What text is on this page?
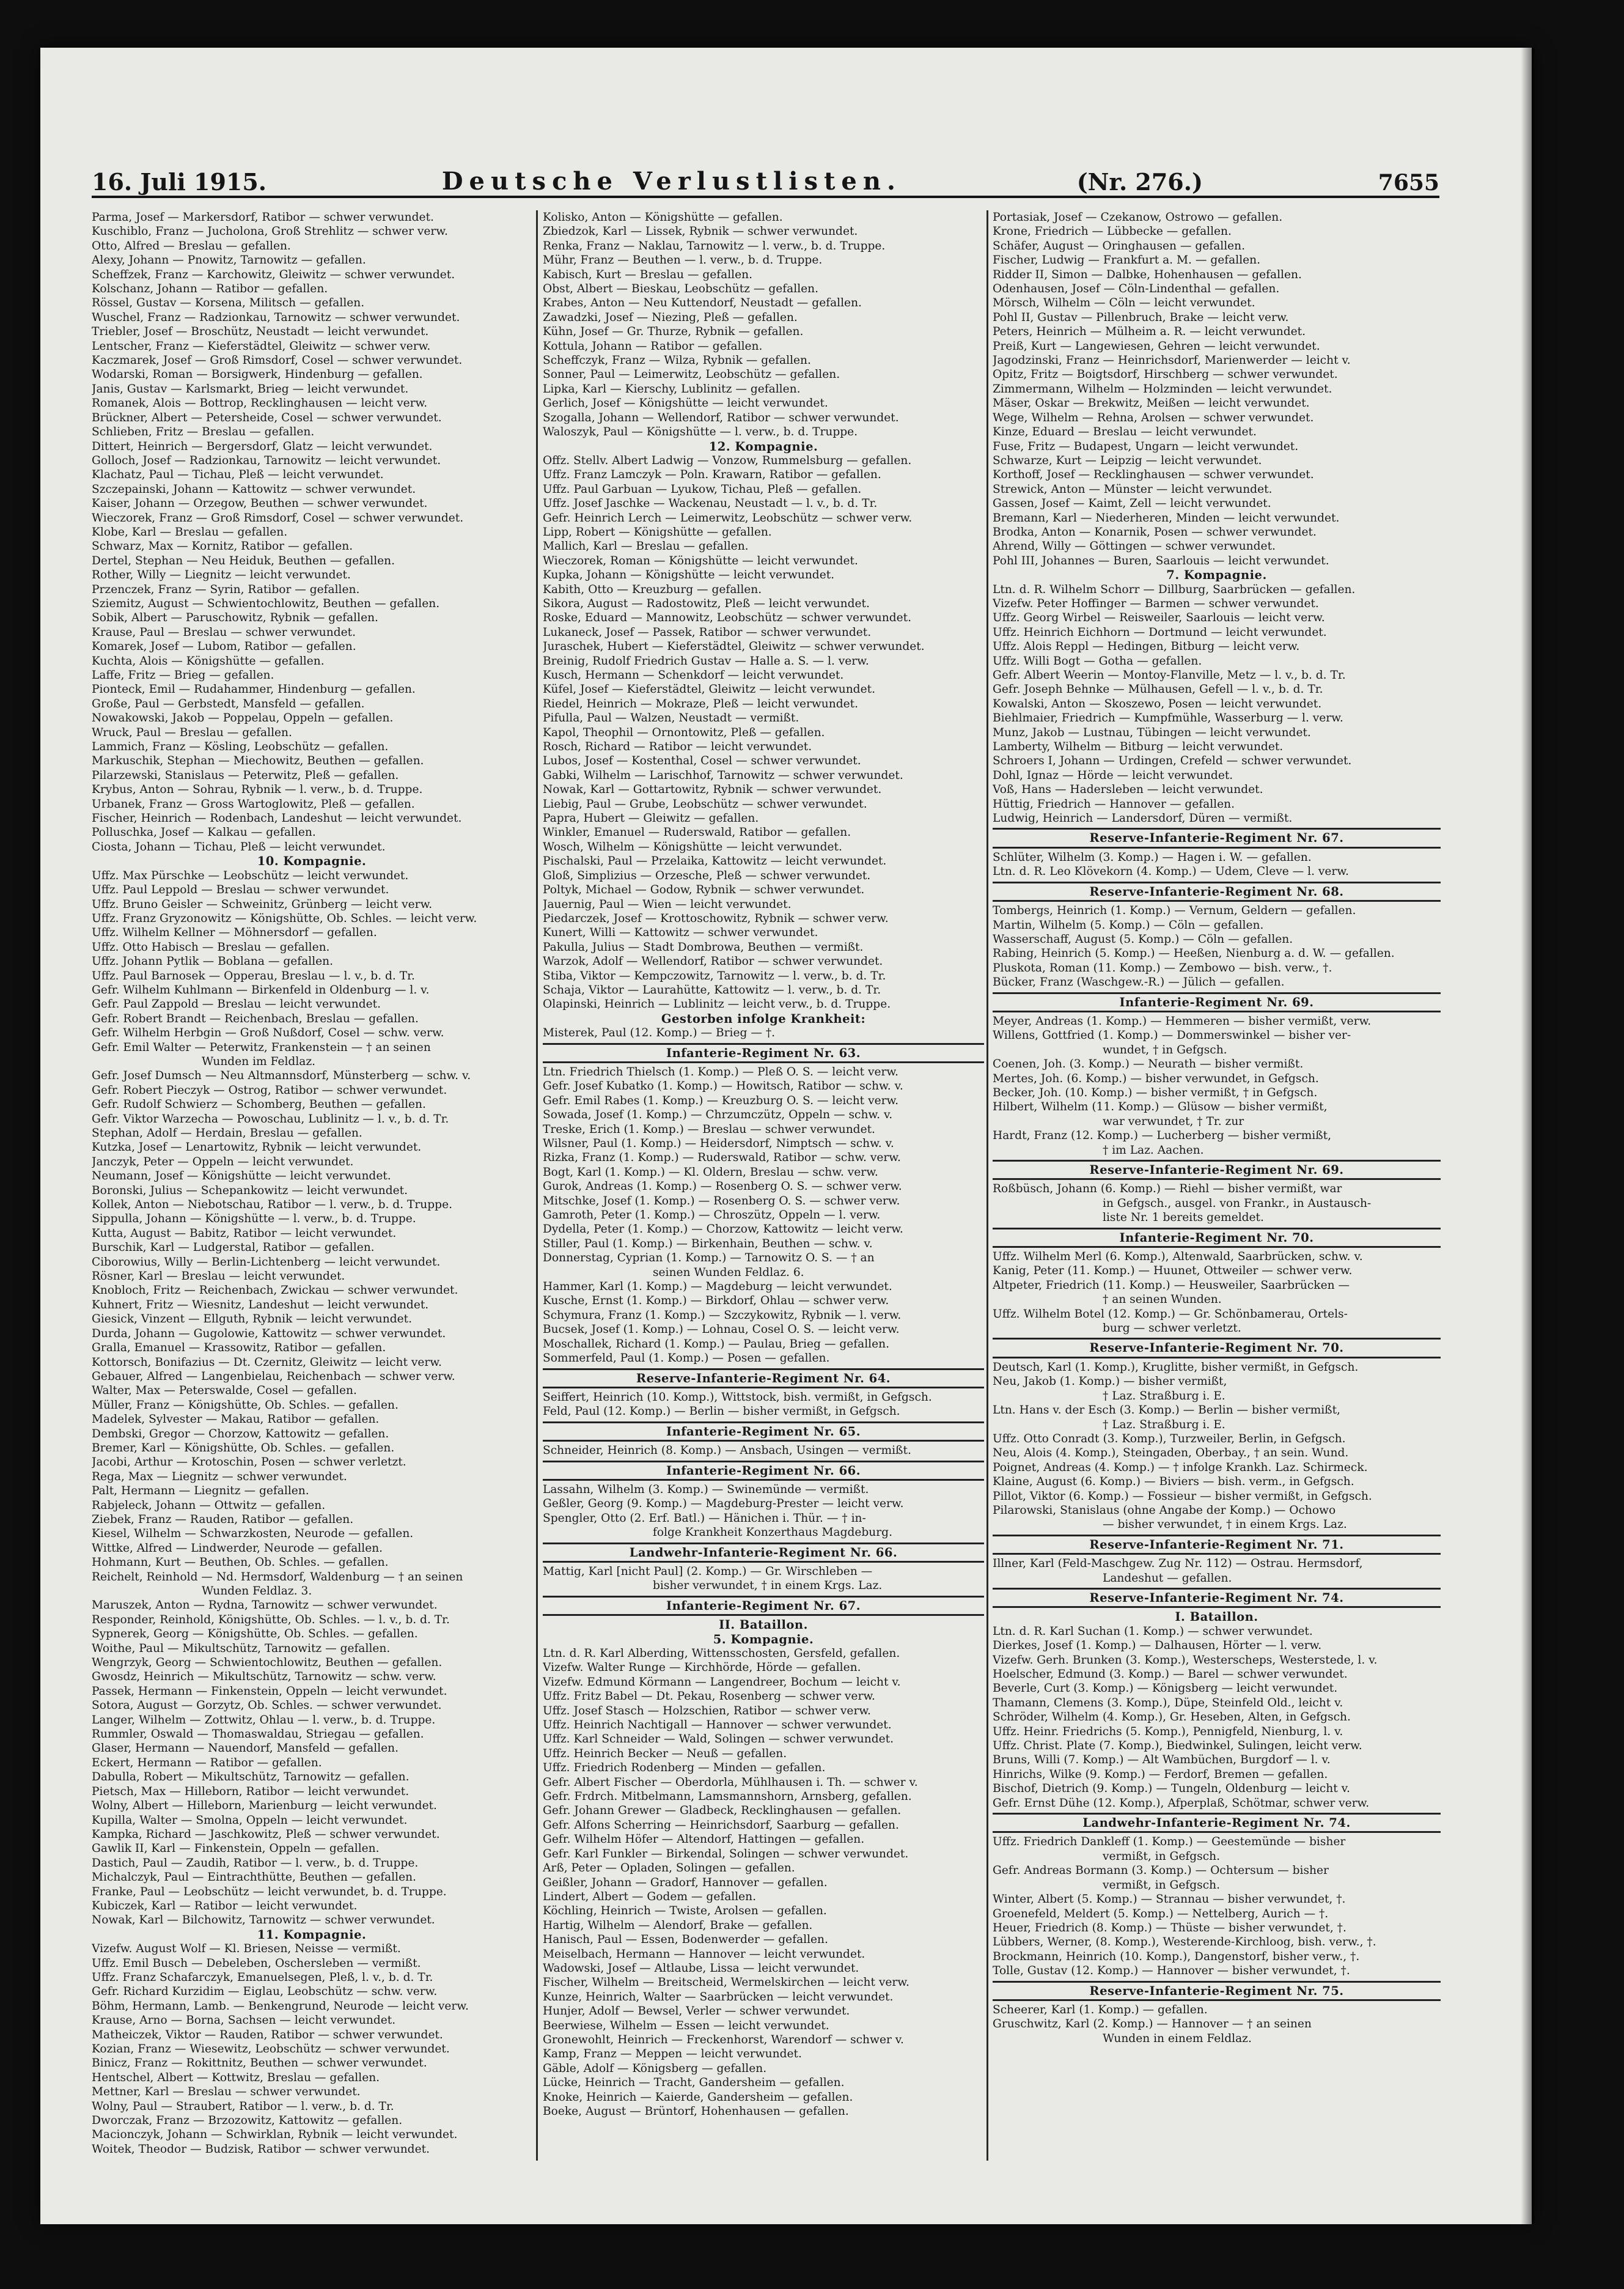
16. Juli 1915.	Deutsche Verlustlisten.	(Nr. 276.)	7655
Parma, Josef — Markersdorf, Ratibor — schwer verwundet.
Kuschiblo, Franz — Jucholona, Groß Strehlitz — schwer verw.
Otto, Alfred — Breslau — gefallen.
Alexy, Johann — Pnowitz, Tarnowitz — gefallen.
Scheffzek, Franz — Karchowitz, Gleiwitz — schwer verwundet.
Kolschanz, Johann — Ratibor — gefallen.
Rössel, Gustav — Korsena, Militsch — gefallen.
Wuschel, Franz — Radzionkau, Tarnowitz — schwer verwundet.
Triebler, Josef — Broschütz, Neustadt — leicht verwundet.
Lentscher, Franz — Kieferstädtel, Gleiwitz — schwer verw.
Kaczmarek, Josef — Groß Rimsdorf, Cosel — schwer verwundet.
Wodarski, Roman — Borsigwerk, Hindenburg — gefallen.
Janis, Gustav — Karlsmarkt, Brieg — leicht verwundet.
Romanek, Alois — Bottrop, Recklinghausen — leicht verw.
Brückner, Albert — Petersheide, Cosel — schwer verwundet.
Schlieben, Fritz — Breslau — gefallen.
Dittert, Heinrich — Bergersdorf, Glatz — leicht verwundet.
Golloch, Josef — Radzionkau, Tarnowitz — leicht verwundet.
Klachatz, Paul — Tichau, Pleß — leicht verwundet.
Szczepainski, Johann — Kattowitz — schwer verwundet.
Kaiser, Johann — Orzegow, Beuthen — schwer verwundet.
Wieczorek, Franz — Groß Rimsdorf, Cosel — schwer verwundet.
Klobe, Karl — Breslau — gefallen.
Schwarz, Max — Kornitz, Ratibor — gefallen.
Dertel, Stephan — Neu Heiduk, Beuthen — gefallen.
Rother, Willy — Liegnitz — leicht verwundet.
Przenczek, Franz — Syrin, Ratibor — gefallen.
Sziemitz, August — Schwientochlowitz, Beuthen — gefallen.
Sobik, Albert — Paruschowitz, Rybnik — gefallen.
Krause, Paul — Breslau — schwer verwundet.
Komarek, Josef — Lubom, Ratibor — gefallen.
Kuchta, Alois — Königshütte — gefallen.
Laffe, Fritz — Brieg — gefallen.
Pionteck, Emil — Rudahammer, Hindenburg — gefallen.
Große, Paul — Gerbstedt, Mansfeld — gefallen.
Nowakowski, Jakob — Poppelau, Oppeln — gefallen.
Wruck, Paul — Breslau — gefallen.
Lammich, Franz — Kösling, Leobschütz — gefallen.
Markuschik, Stephan — Miechowitz, Beuthen — gefallen.
Pilarzewski, Stanislaus — Peterwitz, Pleß — gefallen.
Krybus, Anton — Sohrau, Rybnik — l. verw., b. d. Truppe.
Urbanek, Franz — Gross Wartoglowitz, Pleß — gefallen.
Fischer, Heinrich — Rodenbach, Landeshut — leicht verwundet.
Polluschka, Josef — Kalkau — gefallen.
Ciosta, Johann — Tichau, Pleß — leicht verwundet.
10. Kompagnie.
Uffz. Max Pürschke — Leobschütz — leicht verwundet.
Uffz. Paul Leppold — Breslau — schwer verwundet.
Uffz. Bruno Geisler — Schweinitz, Grünberg — leicht verw.
Uffz. Franz Gryzonowitz — Königshütte, Ob. Schles. — leicht verw.
Uffz. Wilhelm Kellner — Möhnersdorf — gefallen.
Uffz. Otto Habisch — Breslau — gefallen.
Uffz. Johann Pytlik — Boblana — gefallen.
Uffz. Paul Barnosek — Opperau, Breslau — l. v., b. d. Tr.
Gefr. Wilhelm Kuhlmann — Birkenfeld in Oldenburg — l. v.
Gefr. Paul Zappold — Breslau — leicht verwundet.
Gefr. Robert Brandt — Reichenbach, Breslau — gefallen.
Gefr. Wilhelm Herbgin — Groß Nußdorf, Cosel — schw. verw.
Gefr. Emil Walter — Peterwitz, Frankenstein — † an seinen
Wunden im Feldlaz.
Gefr. Josef Dumsch — Neu Altmannsdorf, Münsterberg — schw. v.
Gefr. Robert Pieczyk — Ostrog, Ratibor — schwer verwundet.
Gefr. Rudolf Schwierz — Schomberg, Beuthen — gefallen.
Gefr. Viktor Warzecha — Powoschau, Lublinitz — l. v., b. d. Tr.
Stephan, Adolf — Herdain, Breslau — gefallen.
Kutzka, Josef — Lenartowitz, Rybnik — leicht verwundet.
Janczyk, Peter — Oppeln — leicht verwundet.
Neumann, Josef — Königshütte — leicht verwundet.
Boronski, Julius — Schepankowitz — leicht verwundet.
Kollek, Anton — Niebotschau, Ratibor — l. verw., b. d. Truppe.
Sippulla, Johann — Königshütte — l. verw., b. d. Truppe.
Kutta, August — Babitz, Ratibor — leicht verwundet.
Burschik, Karl — Ludgerstal, Ratibor — gefallen.
Ciborowius, Willy — Berlin-Lichtenberg — leicht verwundet.
Rösner, Karl — Breslau — leicht verwundet.
Knobloch, Fritz — Reichenbach, Zwickau — schwer verwundet.
Kuhnert, Fritz — Wiesnitz, Landeshut — leicht verwundet.
Giesick, Vinzent — Ellguth, Rybnik — leicht verwundet.
Durda, Johann — Gugolowie, Kattowitz — schwer verwundet.
Gralla, Emanuel — Krassowitz, Ratibor — gefallen.
Kottorsch, Bonifazius — Dt. Czernitz, Gleiwitz — leicht verw.
Gebauer, Alfred — Langenbielau, Reichenbach — schwer verw.
Walter, Max — Peterswalde, Cosel — gefallen.
Müller, Franz — Königshütte, Ob. Schles. — gefallen.
Madelek, Sylvester — Makau, Ratibor — gefallen.
Dembski, Gregor — Chorzow, Kattowitz — gefallen.
Bremer, Karl — Königshütte, Ob. Schles. — gefallen.
Jacobi, Arthur — Krotoschin, Posen — schwer verletzt.
Rega, Max — Liegnitz — schwer verwundet.
Palt, Hermann — Liegnitz — gefallen.
Rabjeleck, Johann — Ottwitz — gefallen.
Ziebek, Franz — Rauden, Ratibor — gefallen.
Kiesel, Wilhelm — Schwarzkosten, Neurode — gefallen.
Wittke, Alfred — Lindwerder, Neurode — gefallen.
Hohmann, Kurt — Beuthen, Ob. Schles. — gefallen.
Reichelt, Reinhold — Nd. Hermsdorf, Waldenburg — † an seinen
Wunden Feldlaz. 3.
Maruszek, Anton — Rydna, Tarnowitz — schwer verwundet.
Responder, Reinhold, Königshütte, Ob. Schles. — l. v., b. d. Tr.
Sypnerek, Georg — Königshütte, Ob. Schles. — gefallen.
Woithe, Paul — Mikultschütz, Tarnowitz — gefallen.
Wengrzyk, Georg — Schwientochlowitz, Beuthen — gefallen.
Gwosdz, Heinrich — Mikultschütz, Tarnowitz — schw. verw.
Passek, Hermann — Finkenstein, Oppeln — leicht verwundet.
Sotora, August — Gorzytz, Ob. Schles. — schwer verwundet.
Langer, Wilhelm — Zottwitz, Ohlau — l. verw., b. d. Truppe.
Rummler, Oswald — Thomaswaldau, Striegau — gefallen.
Glaser, Hermann — Nauendorf, Mansfeld — gefallen.
Eckert, Hermann — Ratibor — gefallen.
Dabulla, Robert — Mikultschütz, Tarnowitz — gefallen.
Pietsch, Max — Hilleborn, Ratibor — leicht verwundet.
Wolny, Albert — Hilleborn, Marienburg — leicht verwundet.
Kupilla, Walter — Smolna, Oppeln — leicht verwundet.
Kampka, Richard — Jaschkowitz, Pleß — schwer verwundet.
Gawlik II, Karl — Finkenstein, Oppeln — gefallen.
Dastich, Paul — Zaudih, Ratibor — l. verw., b. d. Truppe.
Michalczyk, Paul — Eintrachthütte, Beuthen — gefallen.
Franke, Paul — Leobschütz — leicht verwundet, b. d. Truppe.
Kubiczek, Karl — Ratibor — leicht verwundet.
Nowak, Karl — Bilchowitz, Tarnowitz — schwer verwundet.
11. Kompagnie.
Vizefw. August Wolf — Kl. Briesen, Neisse — vermißt.
Uffz. Emil Busch — Debeleben, Oschersleben — vermißt.
Uffz. Franz Schafarczyk, Emanuelsegen, Pleß, l. v., b. d. Tr.
Gefr. Richard Kurzidim — Eiglau, Leobschütz — schw. verw.
Böhm, Hermann, Lamb. — Benkengrund, Neurode — leicht verw.
Krause, Arno — Borna, Sachsen — leicht verwundet.
Matheiczek, Viktor — Rauden, Ratibor — schwer verwundet.
Kozian, Franz — Wiesewitz, Leobschütz — schwer verwundet.
Binicz, Franz — Rokittnitz, Beuthen — schwer verwundet.
Hentschel, Albert — Kottwitz, Breslau — gefallen.
Mettner, Karl — Breslau — schwer verwundet.
Wolny, Paul — Straubert, Ratibor — l. verw., b. d. Tr.
Dworczak, Franz — Brzozowitz, Kattowitz — gefallen.
Macionczyk, Johann — Schwirklan, Rybnik — leicht verwundet.
Woitek, Theodor — Budzisk, Ratibor — schwer verwundet.
Kolisko, Anton — Königshütte — gefallen.
Zbiedzok, Karl — Lissek, Rybnik — schwer verwundet.
Renka, Franz — Naklau, Tarnowitz — l. verw., b. d. Truppe.
Mühr, Franz — Beuthen — l. verw., b. d. Truppe.
Kabisch, Kurt — Breslau — gefallen.
Obst, Albert — Bieskau, Leobschütz — gefallen.
Krabes, Anton — Neu Kuttendorf, Neustadt — gefallen.
Zawadzki, Josef — Niezing, Pleß — gefallen.
Kühn, Josef — Gr. Thurze, Rybnik — gefallen.
Kottula, Johann — Ratibor — gefallen.
Scheffczyk, Franz — Wilza, Rybnik — gefallen.
Sonner, Paul — Leimerwitz, Leobschütz — gefallen.
Lipka, Karl — Kierschy, Lublinitz — gefallen.
Gerlich, Josef — Königshütte — leicht verwundet.
Szogalla, Johann — Wellendorf, Ratibor — schwer verwundet.
Waloszyk, Paul — Königshütte — l. verw., b. d. Truppe.
12. Kompagnie.
Offz. Stellv. Albert Ladwig — Vonzow, Rummelsburg — gefallen.
Uffz. Franz Lamczyk — Poln. Krawarn, Ratibor — gefallen.
Uffz. Paul Garbuan — Lyukow, Tichau, Pleß — gefallen.
Uffz. Josef Jaschke — Wackenau, Neustadt — l. v., b. d. Tr.
Gefr. Heinrich Lerch — Leimerwitz, Leobschütz — schwer verw.
Lipp, Robert — Königshütte — gefallen.
Mallich, Karl — Breslau — gefallen.
Wieczorek, Roman — Königshütte — leicht verwundet.
Kupka, Johann — Königshütte — leicht verwundet.
Kabith, Otto — Kreuzburg — gefallen.
Sikora, August — Radostowitz, Pleß — leicht verwundet.
Roske, Eduard — Mannowitz, Leobschütz — schwer verwundet.
Lukaneck, Josef — Passek, Ratibor — schwer verwundet.
Juraschek, Hubert — Kieferstädtel, Gleiwitz — schwer verwundet.
Breinig, Rudolf Friedrich Gustav — Halle a. S. — l. verw.
Kusch, Hermann — Schenkdorf — leicht verwundet.
Küfel, Josef — Kieferstädtel, Gleiwitz — leicht verwundet.
Riedel, Heinrich — Mokraze, Pleß — leicht verwundet.
Pifulla, Paul — Walzen, Neustadt — vermißt.
Kapol, Theophil — Ornontowitz, Pleß — gefallen.
Rosch, Richard — Ratibor — leicht verwundet.
Lubos, Josef — Kostenthal, Cosel — schwer verwundet.
Gabki, Wilhelm — Larischhof, Tarnowitz — schwer verwundet.
Nowak, Karl — Gottartowitz, Rybnik — schwer verwundet.
Liebig, Paul — Grube, Leobschütz — schwer verwundet.
Papra, Hubert — Gleiwitz — gefallen.
Winkler, Emanuel — Ruderswald, Ratibor — gefallen.
Wosch, Wilhelm — Königshütte — leicht verwundet.
Pischalski, Paul — Przelaika, Kattowitz — leicht verwundet.
Gloß, Simplizius — Orzesche, Pleß — schwer verwundet.
Poltyk, Michael — Godow, Rybnik — schwer verwundet.
Jauernig, Paul — Wien — leicht verwundet.
Piedarczek, Josef — Krottoschowitz, Rybnik — schwer verw.
Kunert, Willi — Kattowitz — schwer verwundet.
Pakulla, Julius — Stadt Dombrowa, Beuthen — vermißt.
Warzok, Adolf — Wellendorf, Ratibor — schwer verwundet.
Stiba, Viktor — Kempczowitz, Tarnowitz — l. verw., b. d. Tr.
Schaja, Viktor — Laurahütte, Kattowitz — l. verw., b. d. Tr.
Olapinski, Heinrich — Lublinitz — leicht verw., b. d. Truppe.
Gestorben infolge Krankheit:
Misterek, Paul (12. Komp.) — Brieg — †.
Infanterie-Regiment Nr. 63.
Ltn. Friedrich Thielsch (1. Komp.) — Pleß O. S. — leicht verw.
Gefr. Josef Kubatko (1. Komp.) — Howitsch, Ratibor — schw. v.
Gefr. Emil Rabes (1. Komp.) — Kreuzburg O. S. — leicht verw.
Sowada, Josef (1. Komp.) — Chrzumczütz, Oppeln — schw. v.
Treske, Erich (1. Komp.) — Breslau — schwer verwundet.
Wilsner, Paul (1. Komp.) — Heidersdorf, Nimptsch — schw. v.
Rizka, Franz (1. Komp.) — Ruderswald, Ratibor — schw. verw.
Bogt, Karl (1. Komp.) — Kl. Oldern, Breslau — schw. verw.
Gurok, Andreas (1. Komp.) — Rosenberg O. S. — schwer verw.
Mitschke, Josef (1. Komp.) — Rosenberg O. S. — schwer verw.
Gamroth, Peter (1. Komp.) — Chroszütz, Oppeln — l. verw.
Dydella, Peter (1. Komp.) — Chorzow, Kattowitz — leicht verw.
Stiller, Paul (1. Komp.) — Birkenhain, Beuthen — schw. v.
Donnerstag, Cyprian (1. Komp.) — Tarnowitz O. S. — † an
seinen Wunden Feldlaz. 6.
Hammer, Karl (1. Komp.) — Magdeburg — leicht verwundet.
Kusche, Ernst (1. Komp.) — Birkdorf, Ohlau — schwer verw.
Schymura, Franz (1. Komp.) — Szczykowitz, Rybnik — l. verw.
Bucsek, Josef (1. Komp.) — Lohnau, Cosel O. S. — leicht verw.
Moschallek, Richard (1. Komp.) — Paulau, Brieg — gefallen.
Sommerfeld, Paul (1. Komp.) — Posen — gefallen.
Reserve-Infanterie-Regiment Nr. 64.
Seiffert, Heinrich (10. Komp.), Wittstock, bish. vermißt, in Gefgsch.
Feld, Paul (12. Komp.) — Berlin — bisher vermißt, in Gefgsch.
Infanterie-Regiment Nr. 65.
Schneider, Heinrich (8. Komp.) — Ansbach, Usingen — vermißt.
Infanterie-Regiment Nr. 66.
Lassahn, Wilhelm (3. Komp.) — Swinemünde — vermißt.
Geßler, Georg (9. Komp.) — Magdeburg-Prester — leicht verw.
Spengler, Otto (2. Erf. Batl.) — Hänichen i. Thür. — † in-
folge Krankheit Konzerthaus Magdeburg.
Landwehr-Infanterie-Regiment Nr. 66.
Mattig, Karl [nicht Paul] (2. Komp.) — Gr. Wirschleben —
bisher verwundet, † in einem Krgs. Laz.
Infanterie-Regiment Nr. 67.
II. Bataillon.
5. Kompagnie.
Ltn. d. R. Karl Alberding, Wittensschosten, Gersfeld, gefallen.
Vizefw. Walter Runge — Kirchhörde, Hörde — gefallen.
Vizefw. Edmund Körmann — Langendreer, Bochum — leicht v.
Uffz. Fritz Babel — Dt. Pekau, Rosenberg — schwer verw.
Uffz. Josef Stasch — Holzschien, Ratibor — schwer verw.
Uffz. Heinrich Nachtigall — Hannover — schwer verwundet.
Uffz. Karl Schneider — Wald, Solingen — schwer verwundet.
Uffz. Heinrich Becker — Neuß — gefallen.
Uffz. Friedrich Rodenberg — Minden — gefallen.
Gefr. Albert Fischer — Oberdorla, Mühlhausen i. Th. — schwer v.
Gefr. Frdrch. Mitbelmann, Lamsmannshorn, Arnsberg, gefallen.
Gefr. Johann Grewer — Gladbeck, Recklinghausen — gefallen.
Gefr. Alfons Scherring — Heinrichsdorf, Saarburg — gefallen.
Gefr. Wilhelm Höfer — Altendorf, Hattingen — gefallen.
Gefr. Karl Funkler — Birkendal, Solingen — schwer verwundet.
Arß, Peter — Opladen, Solingen — gefallen.
Geißler, Johann — Gradorf, Hannover — gefallen.
Lindert, Albert — Godem — gefallen.
Köchling, Heinrich — Twiste, Arolsen — gefallen.
Hartig, Wilhelm — Alendorf, Brake — gefallen.
Hanisch, Paul — Essen, Bodenwerder — gefallen.
Meiselbach, Hermann — Hannover — leicht verwundet.
Wadowski, Josef — Altlaube, Lissa — leicht verwundet.
Fischer, Wilhelm — Breitscheid, Wermelskirchen — leicht verw.
Kunze, Heinrich, Walter — Saarbrücken — leicht verwundet.
Hunjer, Adolf — Bewsel, Verler — schwer verwundet.
Beerwiese, Wilhelm — Essen — leicht verwundet.
Gronewohlt, Heinrich — Freckenhorst, Warendorf — schwer v.
Kamp, Franz — Meppen — leicht verwundet.
Gäble, Adolf — Königsberg — gefallen.
Lücke, Heinrich — Tracht, Gandersheim — gefallen.
Knoke, Heinrich — Kaierde, Gandersheim — gefallen.
Boeke, August — Brüntorf, Hohenhausen — gefallen.
Portasiak, Josef — Czekanow, Ostrowo — gefallen.
Krone, Friedrich — Lübbecke — gefallen.
Schäfer, August — Oringhausen — gefallen.
Fischer, Ludwig — Frankfurt a. M. — gefallen.
Ridder II, Simon — Dalbke, Hohenhausen — gefallen.
Odenhausen, Josef — Cöln-Lindenthal — gefallen.
Mörsch, Wilhelm — Cöln — leicht verwundet.
Pohl II, Gustav — Pillenbruch, Brake — leicht verw.
Peters, Heinrich — Mülheim a. R. — leicht verwundet.
Preiß, Kurt — Langewiesen, Gehren — leicht verwundet.
Jagodzinski, Franz — Heinrichsdorf, Marienwerder — leicht v.
Opitz, Fritz — Boigtsdorf, Hirschberg — schwer verwundet.
Zimmermann, Wilhelm — Holzminden — leicht verwundet.
Mäser, Oskar — Brekwitz, Meißen — leicht verwundet.
Wege, Wilhelm — Rehna, Arolsen — schwer verwundet.
Kinze, Eduard — Breslau — leicht verwundet.
Fuse, Fritz — Budapest, Ungarn — leicht verwundet.
Schwarze, Kurt — Leipzig — leicht verwundet.
Korthoff, Josef — Recklinghausen — schwer verwundet.
Strewick, Anton — Münster — leicht verwundet.
Gassen, Josef — Kaimt, Zell — leicht verwundet.
Bremann, Karl — Niederheren, Minden — leicht verwundet.
Brodka, Anton — Konarnik, Posen — schwer verwundet.
Ahrend, Willy — Göttingen — schwer verwundet.
Pohl III, Johannes — Buren, Saarlouis — leicht verwundet.
7. Kompagnie.
Ltn. d. R. Wilhelm Schorr — Dillburg, Saarbrücken — gefallen.
Vizefw. Peter Hoffinger — Barmen — schwer verwundet.
Uffz. Georg Wirbel — Reisweiler, Saarlouis — leicht verw.
Uffz. Heinrich Eichhorn — Dortmund — leicht verwundet.
Uffz. Alois Reppl — Hedingen, Bitburg — leicht verw.
Uffz. Willi Bogt — Gotha — gefallen.
Gefr. Albert Weerin — Montoy-Flanville, Metz — l. v., b. d. Tr.
Gefr. Joseph Behnke — Mülhausen, Gefell — l. v., b. d. Tr.
Kowalski, Anton — Skoszewo, Posen — leicht verwundet.
Biehlmaier, Friedrich — Kumpfmühle, Wasserburg — l. verw.
Munz, Jakob — Lustnau, Tübingen — leicht verwundet.
Lamberty, Wilhelm — Bitburg — leicht verwundet.
Schroers I, Johann — Urdingen, Crefeld — schwer verwundet.
Dohl, Ignaz — Hörde — leicht verwundet.
Voß, Hans — Hadersleben — leicht verwundet.
Hüttig, Friedrich — Hannover — gefallen.
Ludwig, Heinrich — Landersdorf, Düren — vermißt.
Reserve-Infanterie-Regiment Nr. 67.
Schlüter, Wilhelm (3. Komp.) — Hagen i. W. — gefallen.
Ltn. d. R. Leo Klövekorn (4. Komp.) — Udem, Cleve — l. verw.
Reserve-Infanterie-Regiment Nr. 68.
Tombergs, Heinrich (1. Komp.) — Vernum, Geldern — gefallen.
Martin, Wilhelm (5. Komp.) — Cöln — gefallen.
Wasserschaff, August (5. Komp.) — Cöln — gefallen.
Rabing, Heinrich (5. Komp.) — Heeßen, Nienburg a. d. W. — gefallen.
Pluskota, Roman (11. Komp.) — Zembowo — bish. verw., †.
Bücker, Franz (Waschgew.-R.) — Jülich — gefallen.
Infanterie-Regiment Nr. 69.
Meyer, Andreas (1. Komp.) — Hemmeren — bisher vermißt, verw.
Willens, Gottfried (1. Komp.) — Dommerswinkel — bisher ver-
wundet, † in Gefgsch.
Coenen, Joh. (3. Komp.) — Neurath — bisher vermißt.
Mertes, Joh. (6. Komp.) — bisher verwundet, in Gefgsch.
Becker, Joh. (10. Komp.) — bisher vermißt, † in Gefgsch.
Hilbert, Wilhelm (11. Komp.) — Glüsow — bisher vermißt,
war verwundet, † Tr. zur
Hardt, Franz (12. Komp.) — Lucherberg — bisher vermißt,
† im Laz. Aachen.
Reserve-Infanterie-Regiment Nr. 69.
Roßbüsch, Johann (6. Komp.) — Riehl — bisher vermißt, war
in Gefgsch., ausgel. von Frankr., in Austausch-
liste Nr. 1 bereits gemeldet.
Infanterie-Regiment Nr. 70.
Uffz. Wilhelm Merl (6. Komp.), Altenwald, Saarbrücken, schw. v.
Kanig, Peter (11. Komp.) — Huunet, Ottweiler — schwer verw.
Altpeter, Friedrich (11. Komp.) — Heusweiler, Saarbrücken —
† an seinen Wunden.
Uffz. Wilhelm Botel (12. Komp.) — Gr. Schönbamerau, Ortels-
burg — schwer verletzt.
Reserve-Infanterie-Regiment Nr. 70.
Deutsch, Karl (1. Komp.), Kruglitte, bisher vermißt, in Gefgsch.
Neu, Jakob (1. Komp.) — bisher vermißt,
† Laz. Straßburg i. E.
Ltn. Hans v. der Esch (3. Komp.) — Berlin — bisher vermißt,
† Laz. Straßburg i. E.
Uffz. Otto Conradt (3. Komp.), Turzweiler, Berlin, in Gefgsch.
Neu, Alois (4. Komp.), Steingaden, Oberbay., † an sein. Wund.
Poignet, Andreas (4. Komp.) — † infolge Krankh. Laz. Schirmeck.
Klaine, August (6. Komp.) — Biviers — bish. verm., in Gefgsch.
Pillot, Viktor (6. Komp.) — Fossieur — bisher vermißt, in Gefgsch.
Pilarowski, Stanislaus (ohne Angabe der Komp.) — Ochowo
— bisher verwundet, † in einem Krgs. Laz.
Reserve-Infanterie-Regiment Nr. 71.
Illner, Karl (Feld-Maschgew. Zug Nr. 112) — Ostrau. Hermsdorf,
Landeshut — gefallen.
Reserve-Infanterie-Regiment Nr. 74.
I. Bataillon.
Ltn. d. R. Karl Suchan (1. Komp.) — schwer verwundet.
Dierkes, Josef (1. Komp.) — Dalhausen, Hörter — l. verw.
Vizefw. Gerh. Brunken (3. Komp.), Westerscheps, Westerstede, l. v.
Hoelscher, Edmund (3. Komp.) — Barel — schwer verwundet.
Beverle, Curt (3. Komp.) — Königsberg — leicht verwundet.
Thamann, Clemens (3. Komp.), Düpe, Steinfeld Old., leicht v.
Schröder, Wilhelm (4. Komp.), Gr. Heseben, Alten, in Gefgsch.
Uffz. Heinr. Friedrichs (5. Komp.), Pennigfeld, Nienburg, l. v.
Uffz. Christ. Plate (7. Komp.), Biedwinkel, Sulingen, leicht verw.
Bruns, Willi (7. Komp.) — Alt Wambüchen, Burgdorf — l. v.
Hinrichs, Wilke (9. Komp.) — Ferdorf, Bremen — gefallen.
Bischof, Dietrich (9. Komp.) — Tungeln, Oldenburg — leicht v.
Gefr. Ernst Dühe (12. Komp.), Afperplaß, Schötmar, schwer verw.
Landwehr-Infanterie-Regiment Nr. 74.
Uffz. Friedrich Dankleff (1. Komp.) — Geestemünde — bisher
vermißt, in Gefgsch.
Gefr. Andreas Bormann (3. Komp.) — Ochtersum — bisher
vermißt, in Gefgsch.
Winter, Albert (5. Komp.) — Strannau — bisher verwundet, †.
Groenefeld, Meldert (5. Komp.) — Nettelberg, Aurich — †.
Heuer, Friedrich (8. Komp.) — Thüste — bisher verwundet, †.
Lübbers, Werner, (8. Komp.), Westerende-Kirchloog, bish. verw., †.
Brockmann, Heinrich (10. Komp.), Dangenstorf, bisher verw., †.
Tolle, Gustav (12. Komp.) — Hannover — bisher verwundet, †.
Reserve-Infanterie-Regiment Nr. 75.
Scheerer, Karl (1. Komp.) — gefallen.
Gruschwitz, Karl (2. Komp.) — Hannover — † an seinen
Wunden in einem Feldlaz.
